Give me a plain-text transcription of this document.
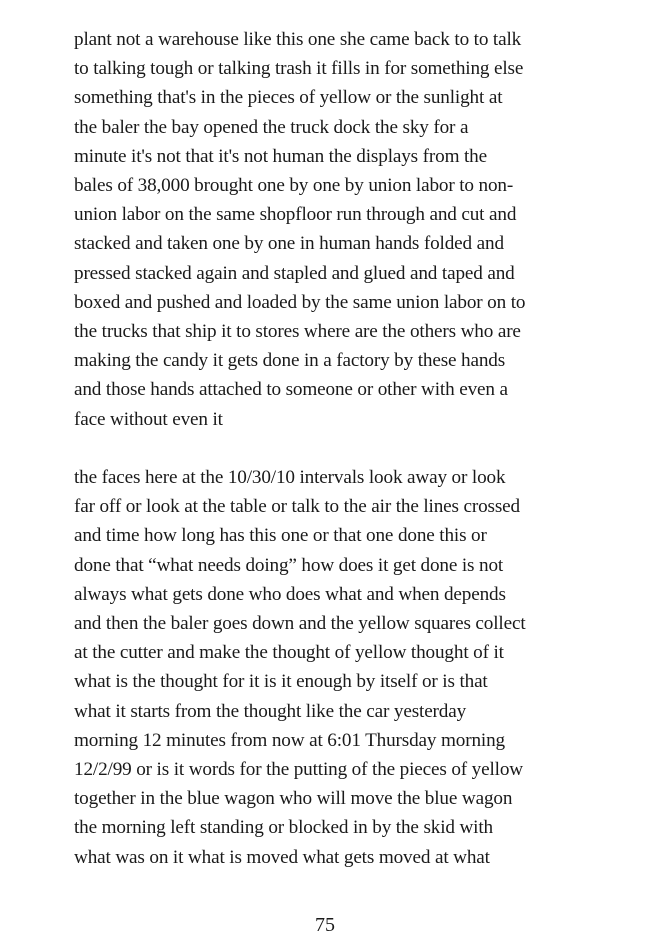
plant not a warehouse like this one she came back to to talk
to talking tough or talking trash it fills in for something else
something that's in the pieces of yellow or the sunlight at
the baler the bay opened the truck dock the sky for a
minute it's not that it's not human the displays from the
bales of 38,000 brought one by one by union labor to non-
union labor on the same shopfloor run through and cut and
stacked and taken one by one in human hands folded and
pressed stacked again and stapled and glued and taped and
boxed and pushed and loaded by the same union labor on to
the trucks that ship it to stores where are the others who are
making the candy it gets done in a factory by these hands
and those hands attached to someone or other with even a
face without even it

the faces here at the 10/30/10 intervals look away or look
far off or look at the table or talk to the air the lines crossed
and time how long has this one or that one done this or
done that “what needs doing” how does it get done is not
always what gets done who does what and when depends
and then the baler goes down and the yellow squares collect
at the cutter and make the thought of yellow thought of it
what is the thought for it is it enough by itself or is that
what it starts from the thought like the car yesterday
morning 12 minutes from now at 6:01 Thursday morning
12/2/99 or is it words for the putting of the pieces of yellow
together in the blue wagon who will move the blue wagon
the morning left standing or blocked in by the skid with
what was on it what is moved what gets moved at what

75
